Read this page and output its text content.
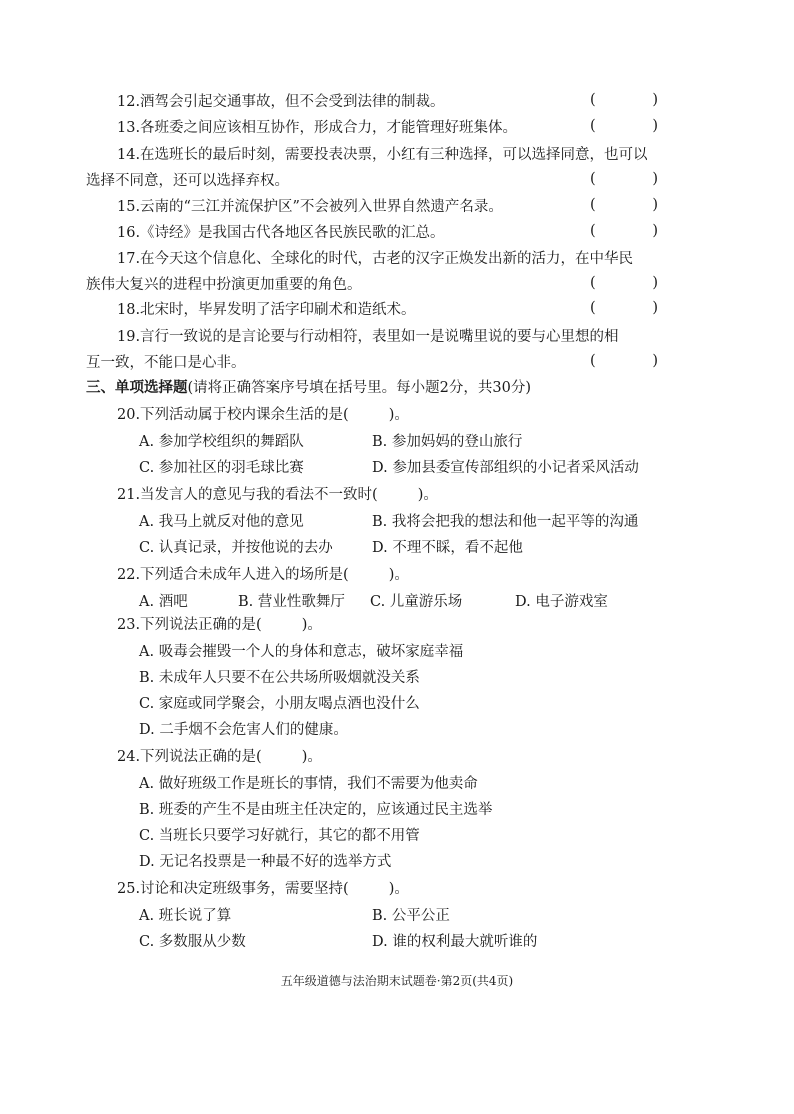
12.酒驾会引起交通事故，但不会受到法律的制裁。	(	)
13.各班委之间应该相互协作，形成合力，才能管理好班集体。	(	)
14.在选班长的最后时刻，需要投表决票，小红有三种选择，可以选择同意，也可以
选择不同意，还可以选择弃权。	(	)
15.云南的“三江并流保护区”不会被列入世界自然遗产名录。	(	)
16.《诗经》是我国古代各地区各民族民歌的汇总。	(	)
17.在今天这个信息化、全球化的时代，古老的汉字正焕发出新的活力，在中华民
族伟大复兴的进程中扮演更加重要的角色。	(	)
18.北宋时，毕昇发明了活字印刷术和造纸术。	(	)
19.言行一致说的是言论要与行动相符，表里如一是说嘴里说的要与心里想的相
互一致，不能口是心非。	(	)
三、单项选择题(请将正确答案序号填在括号里。每小题2分，共30分)
20.下列活动属于校内课余生活的是(	)。
A. 参加学校组织的舞蹈队	B. 参加妈妈的登山旅行
C. 参加社区的羽毛球比赛	D. 参加县委宣传部组织的小记者采风活动
21.当发言人的意见与我的看法不一致时(	)。
A. 我马上就反对他的意见	B. 我将会把我的想法和他一起平等的沟通
C. 认真记录，并按他说的去办	D. 不理不睬，看不起他
22.下列适合未成年人进入的场所是(	)。
A. 酒吧	B. 营业性歌舞厅 C. 儿童游乐场	D. 电子游戏室
23.下列说法正确的是(	)。
A. 吸毒会摧毁一个人的身体和意志，破坏家庭幸福
B. 未成年人只要不在公共场所吸烟就没关系
C. 家庭或同学聚会，小朋友喝点酒也没什么
D. 二手烟不会危害人们的健康。
24.下列说法正确的是(	)。
A. 做好班级工作是班长的事情，我们不需要为他卖命
B. 班委的产生不是由班主任决定的，应该通过民主选举
C. 当班长只要学习好就行，其它的都不用管
D. 无记名投票是一种最不好的选举方式
25.讨论和决定班级事务，需要坚持(	)。
A. 班长说了算	B. 公平公正
C. 多数服从少数	D. 谁的权利最大就听谁的
五年级道德与法治期末试题卷·第2页(共4页)
